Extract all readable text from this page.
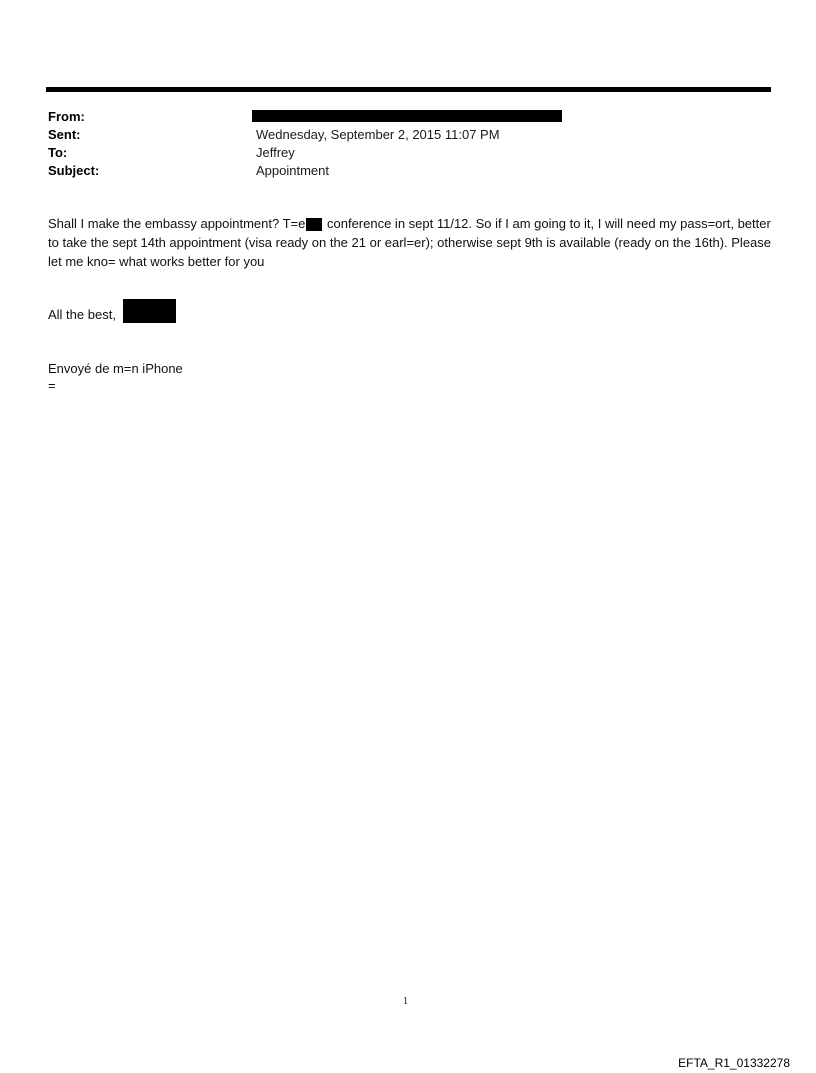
From:
Sent:	Wednesday, September 2, 2015 11:07 PM
To:	Jeffrey
Subject:	Appointment
Shall I make the embassy appointment? T=e conference in sept 11/12. So if I am going to it, I will need my pass=ort, better to take the sept 14th appointment (visa ready on the 21 or earl=er); otherwise sept 9th is available (ready on the 16th). Please let me kno= what works better for you
All the best,
Envoyé de m=n iPhone
=
1
EFTA_R1_01332278
